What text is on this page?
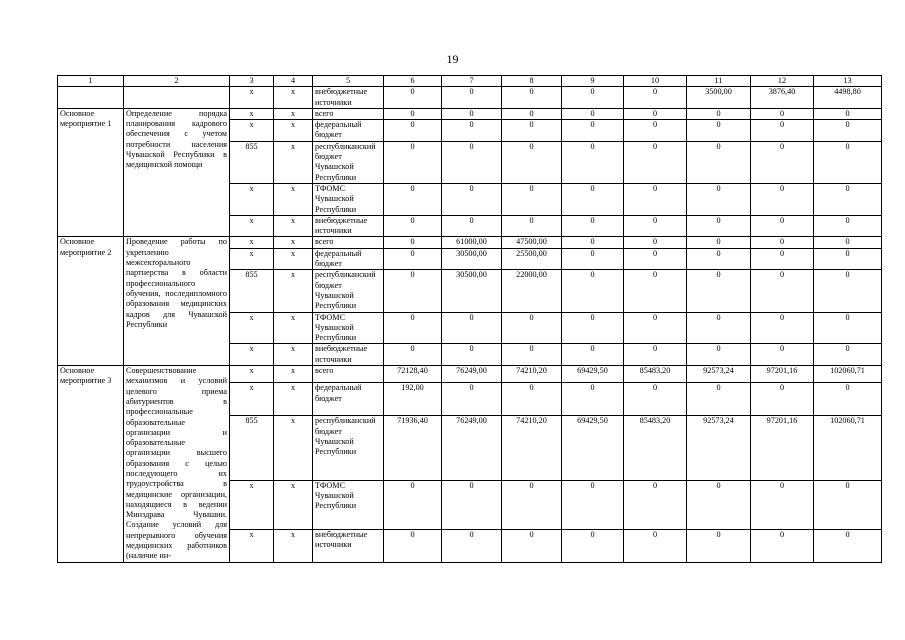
19
1	2	3	4	5	6	7	8	9	10	11	12	13
		х	х	внебюджетные источники	0	0	0	0	0	3500,00	3876,40	4498,80
Основное мероприятие 1	Определение порядка планирования кадрового обеспечения с учетом потребности населения Чувашской Республики в медицинской помощи	х	х	всего	0	0	0	0	0	0	0	0
		х	х	федеральный бюджет	0	0	0	0	0	0	0	0
		855	х	республиканский бюджет Чувашской Республики	0	0	0	0	0	0	0	0
		х	х	ТФОМС Чувашской Республики	0	0	0	0	0	0	0	0
		х	х	внебюджетные источники	0	0	0	0	0	0	0	0
Основное мероприятие 2	Проведение работы по укреплению межсекторального партнерства в области профессионального обучения, последипломного образования медицинских кадров для Чувашской Республики	х	х	всего	0	61000,00	47500,00	0	0	0	0	0
		х	х	федеральный бюджет	0	30500,00	25500,00	0	0	0	0	0
		855	х	республиканский бюджет Чувашской Республики	0	30500,00	22000,00	0	0	0	0	0
		х	х	ТФОМС Чувашской Республики	0	0	0	0	0	0	0	0
		х	х	внебюджетные источники	0	0	0	0	0	0	0	0
Основное мероприятие 3	Совершенствование механизмов и условий целевого приема абитуриентов в профессиональные образовательные организации и образовательные организации высшего образования с целью последующего их трудоустройства в медицинские организации, находящиеся в ведении Минздрава Чувашии. Создание условий для непрерывного обучения медицинских работников (наличие ин-	х	х	всего	72128,40	76249,00	74210,20	69429,50	85483,20	92573,24	97201,16	102060,71
		х	х	федеральный бюджет	192,00	0	0	0	0	0	0	0
		855	х	республиканский бюджет Чувашской Республики	71936,40	76249,00	74210,20	69429,50	85483,20	92573,24	97201,16	102060,71
		х	х	ТФОМС Чувашской Республики	0	0	0	0	0	0	0	0
		х	х	внебюджетные источники	0	0	0	0	0	0	0	0
